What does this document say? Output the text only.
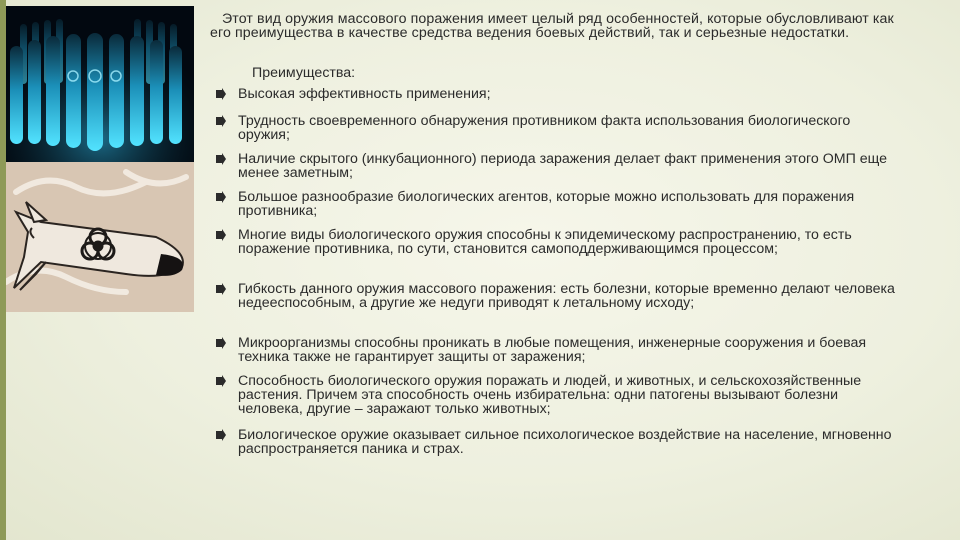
Этот вид оружия массового поражения имеет целый ряд особенностей, которые обусловливают как его преимущества в качестве средства ведения боевых действий, так и серьезные недостатки.
Преимущества:
Высокая эффективность применения;
Трудность своевременного обнаружения противником факта использования биологического оружия;
Наличие скрытого (инкубационного) периода заражения делает факт применения этого ОМП еще менее заметным;
Большое разнообразие биологических агентов, которые можно использовать для поражения противника;
Многие виды биологического оружия способны к эпидемическому распространению, то есть поражение противника, по сути, становится самоподдерживающимся процессом;
Гибкость данного оружия массового поражения: есть болезни, которые временно делают человека недееспособным, а другие же недуги приводят к летальному исходу;
Микроорганизмы способны проникать в любые помещения, инженерные сооружения и боевая техника также не гарантирует защиты от заражения;
Способность биологического оружия поражать и людей, и животных, и сельскохозяйственные растения. Причем эта способность очень избирательна: одни патогены вызывают болезни человека, другие – заражают только животных;
Биологическое оружие оказывает сильное психологическое воздействие на население, мгновенно распространяется паника и страх.
